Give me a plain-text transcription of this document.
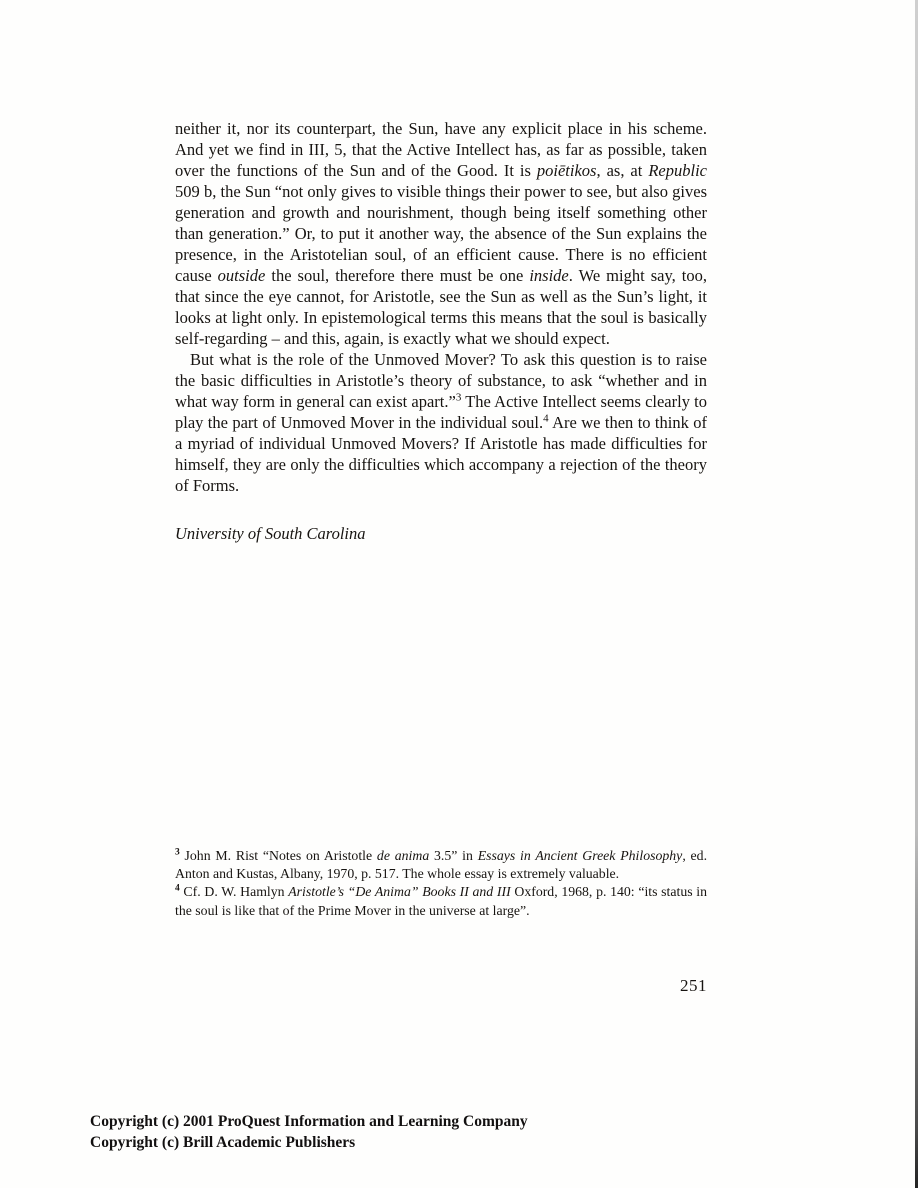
neither it, nor its counterpart, the Sun, have any explicit place in his scheme. And yet we find in III, 5, that the Active Intellect has, as far as possible, taken over the functions of the Sun and of the Good. It is poiētikos, as, at Republic 509 b, the Sun “not only gives to visible things their power to see, but also gives generation and growth and nourishment, though being itself something other than generation.” Or, to put it another way, the absence of the Sun explains the presence, in the Aristotelian soul, of an efficient cause. There is no efficient cause outside the soul, therefore there must be one inside. We might say, too, that since the eye cannot, for Aristotle, see the Sun as well as the Sun’s light, it looks at light only. In epistemological terms this means that the soul is basically self-regarding – and this, again, is exactly what we should expect.

But what is the role of the Unmoved Mover? To ask this question is to raise the basic difficulties in Aristotle’s theory of substance, to ask “whether and in what way form in general can exist apart.”$^3$ The Active Intellect seems clearly to play the part of Unmoved Mover in the individual soul.$^4$ Are we then to think of a myriad of individual Unmoved Movers? If Aristotle has made difficulties for himself, they are only the difficulties which accompany a rejection of the theory of Forms.

University of South Carolina

$^3$ John M. Rist “Notes on Aristotle de anima 3.5” in Essays in Ancient Greek Philosophy, ed. Anton and Kustas, Albany, 1970, p. 517. The whole essay is extremely valuable.

$^4$ Cf. D. W. Hamlyn Aristotle’s “De Anima” Books II and III Oxford, 1968, p. 140: “its status in the soul is like that of the Prime Mover in the universe at large”.

251
Copyright (c) 2001 ProQuest Information and Learning Company
Copyright (c) Brill Academic Publishers
